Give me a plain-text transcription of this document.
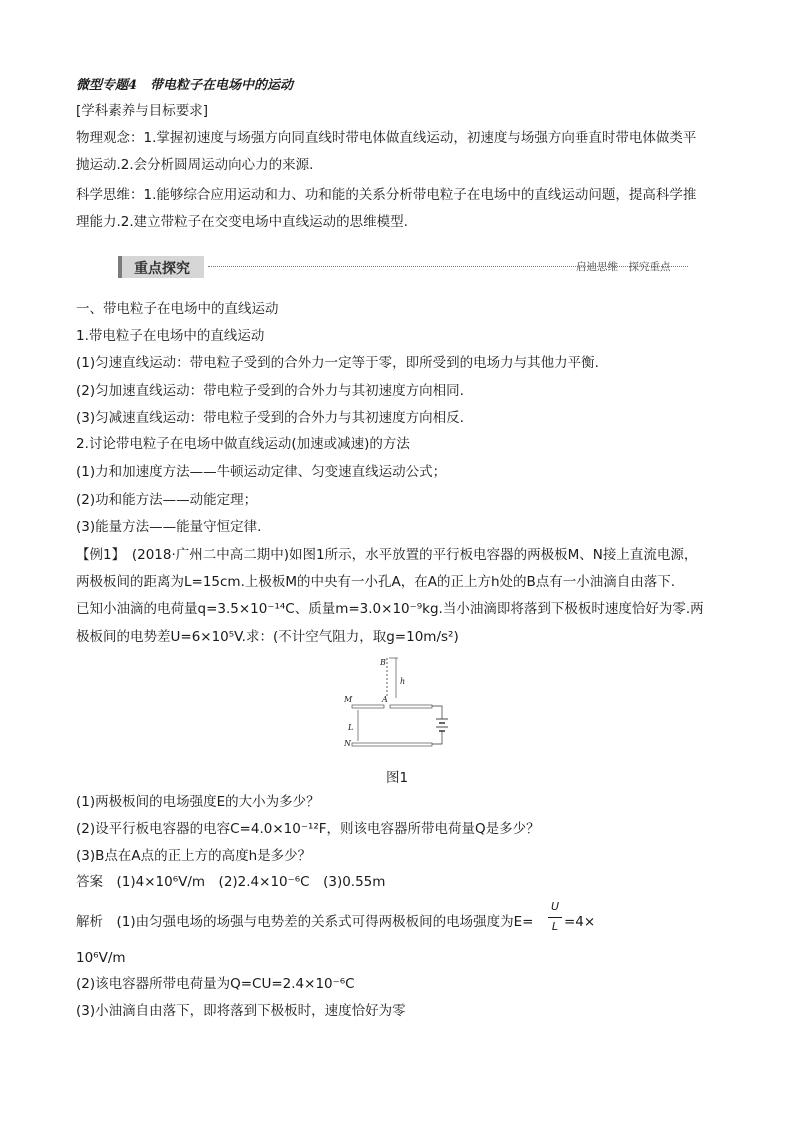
微型专题4　带电粒子在电场中的运动
[学科素养与目标要求]
物理观念：1.掌握初速度与场强方向同直线时带电体做直线运动，初速度与场强方向垂直时带电体做类平
抛运动.2.会分析圆周运动向心力的来源.
科学思维：1.能够综合应用运动和力、功和能的关系分析带电粒子在电场中的直线运动问题，提高科学推
理能力.2.建立带粒子在交变电场中直线运动的思维模型.
重点探究	启迪思维　探究重点
一、带电粒子在电场中的直线运动
1.带电粒子在电场中的直线运动
(1)匀速直线运动：带电粒子受到的合外力一定等于零，即所受到的电场力与其他力平衡.
(2)匀加速直线运动：带电粒子受到的合外力与其初速度方向相同.
(3)匀减速直线运动：带电粒子受到的合外力与其初速度方向相反.
2.讨论带电粒子在电场中做直线运动(加速或减速)的方法
(1)力和加速度方法——牛顿运动定律、匀变速直线运动公式；
(2)功和能方法——动能定理；
(3)能量方法——能量守恒定律.
【例1】　(2018·广州二中高二期中)如图1所示，水平放置的平行板电容器的两极板M、N接上直流电源，
两极板间的距离为L=15cm.上极板M的中央有一小孔A，在A的正上方h处的B点有一小油滴自由落下.
已知小油滴的电荷量q=3.5×10⁻¹⁴C、质量m=3.0×10⁻⁹kg.当小油滴即将落到下极板时速度恰好为零.两
极板间的电势差U=6×10⁵V.求：(不计空气阻力，取g=10m/s²)
B
h
M	A
L
N
图1
(1)两极板间的电场强度E的大小为多少？
(2)设平行板电容器的电容C=4.0×10⁻¹²F，则该电容器所带电荷量Q是多少？
(3)B点在A点的正上方的高度h是多少？
答案　(1)4×10⁶V/m　(2)2.4×10⁻⁶C　(3)0.55m
解析　(1)由匀强电场的场强与电势差的关系式可得两极板间的电场强度为E=
U
L =4×
10⁶V/m
(2)该电容器所带电荷量为Q=CU=2.4×10⁻⁶C
(3)小油滴自由落下，即将落到下极板时，速度恰好为零
